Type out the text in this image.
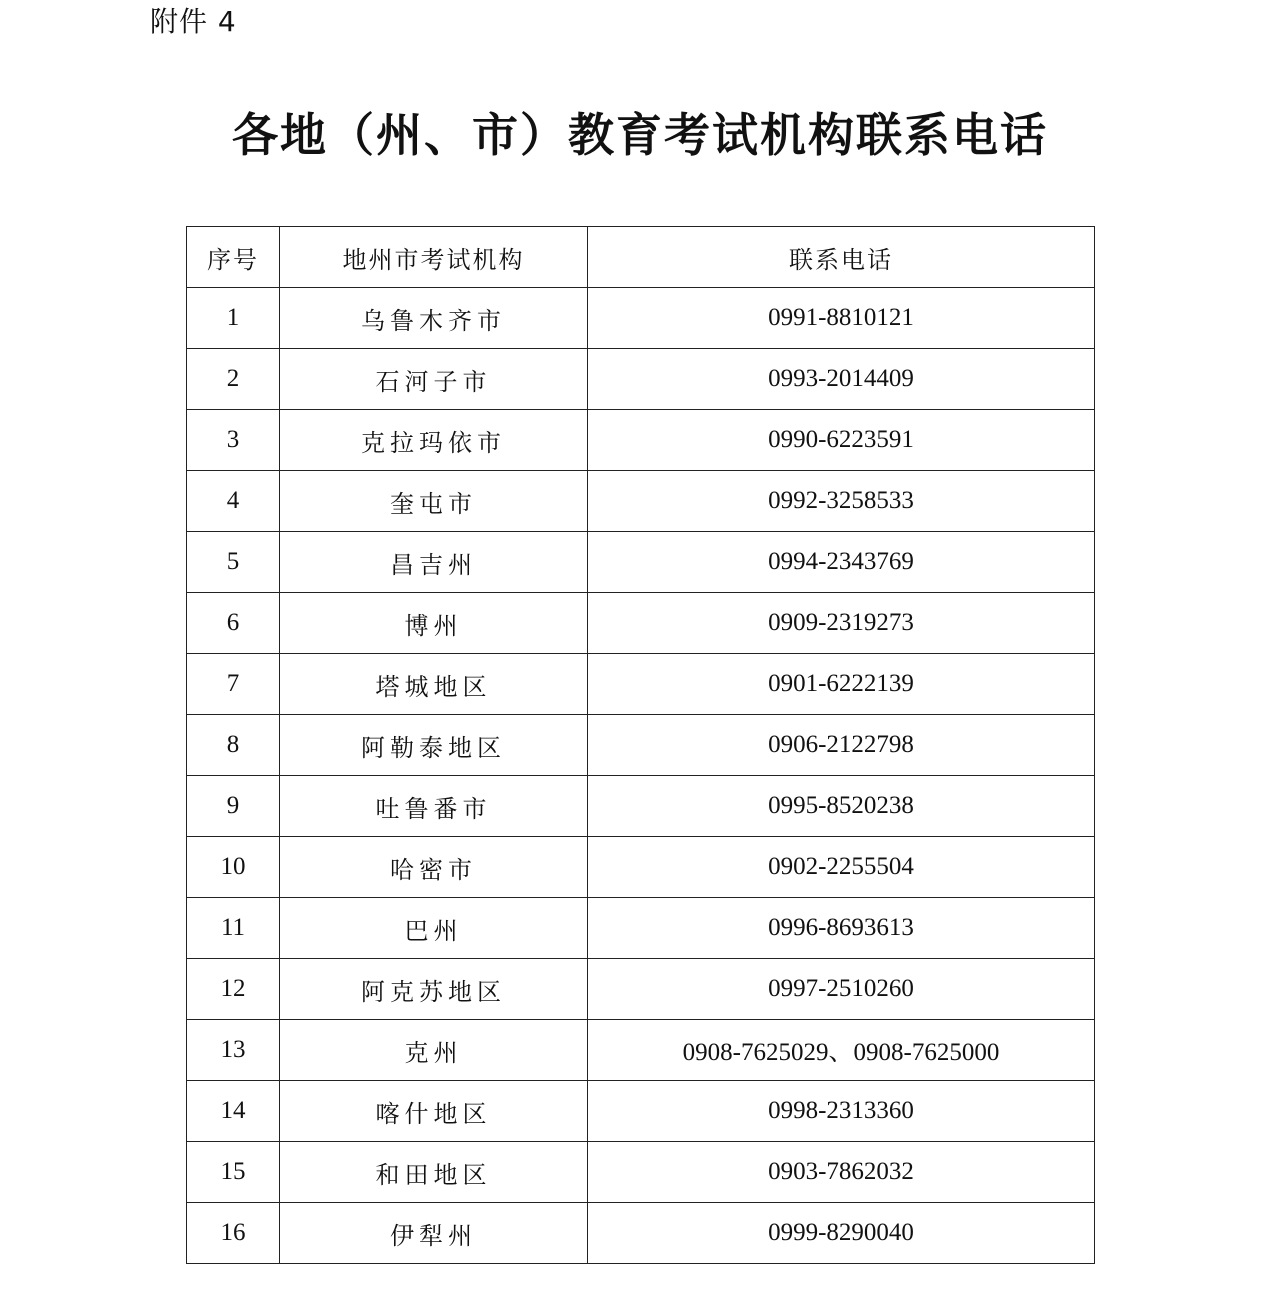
附件 4
各地（州、市）教育考试机构联系电话
序号	地州市考试机构	联系电话
1	乌鲁木齐市	0991-8810121
2	石河子市	0993-2014409
3	克拉玛依市	0990-6223591
4	奎屯市	0992-3258533
5	昌吉州	0994-2343769
6	博州	0909-2319273
7	塔城地区	0901-6222139
8	阿勒泰地区	0906-2122798
9	吐鲁番市	0995-8520238
10	哈密市	0902-2255504
11	巴州	0996-8693613
12	阿克苏地区	0997-2510260
13	克州	0908-7625029、0908-7625000
14	喀什地区	0998-2313360
15	和田地区	0903-7862032
16	伊犁州	0999-8290040
